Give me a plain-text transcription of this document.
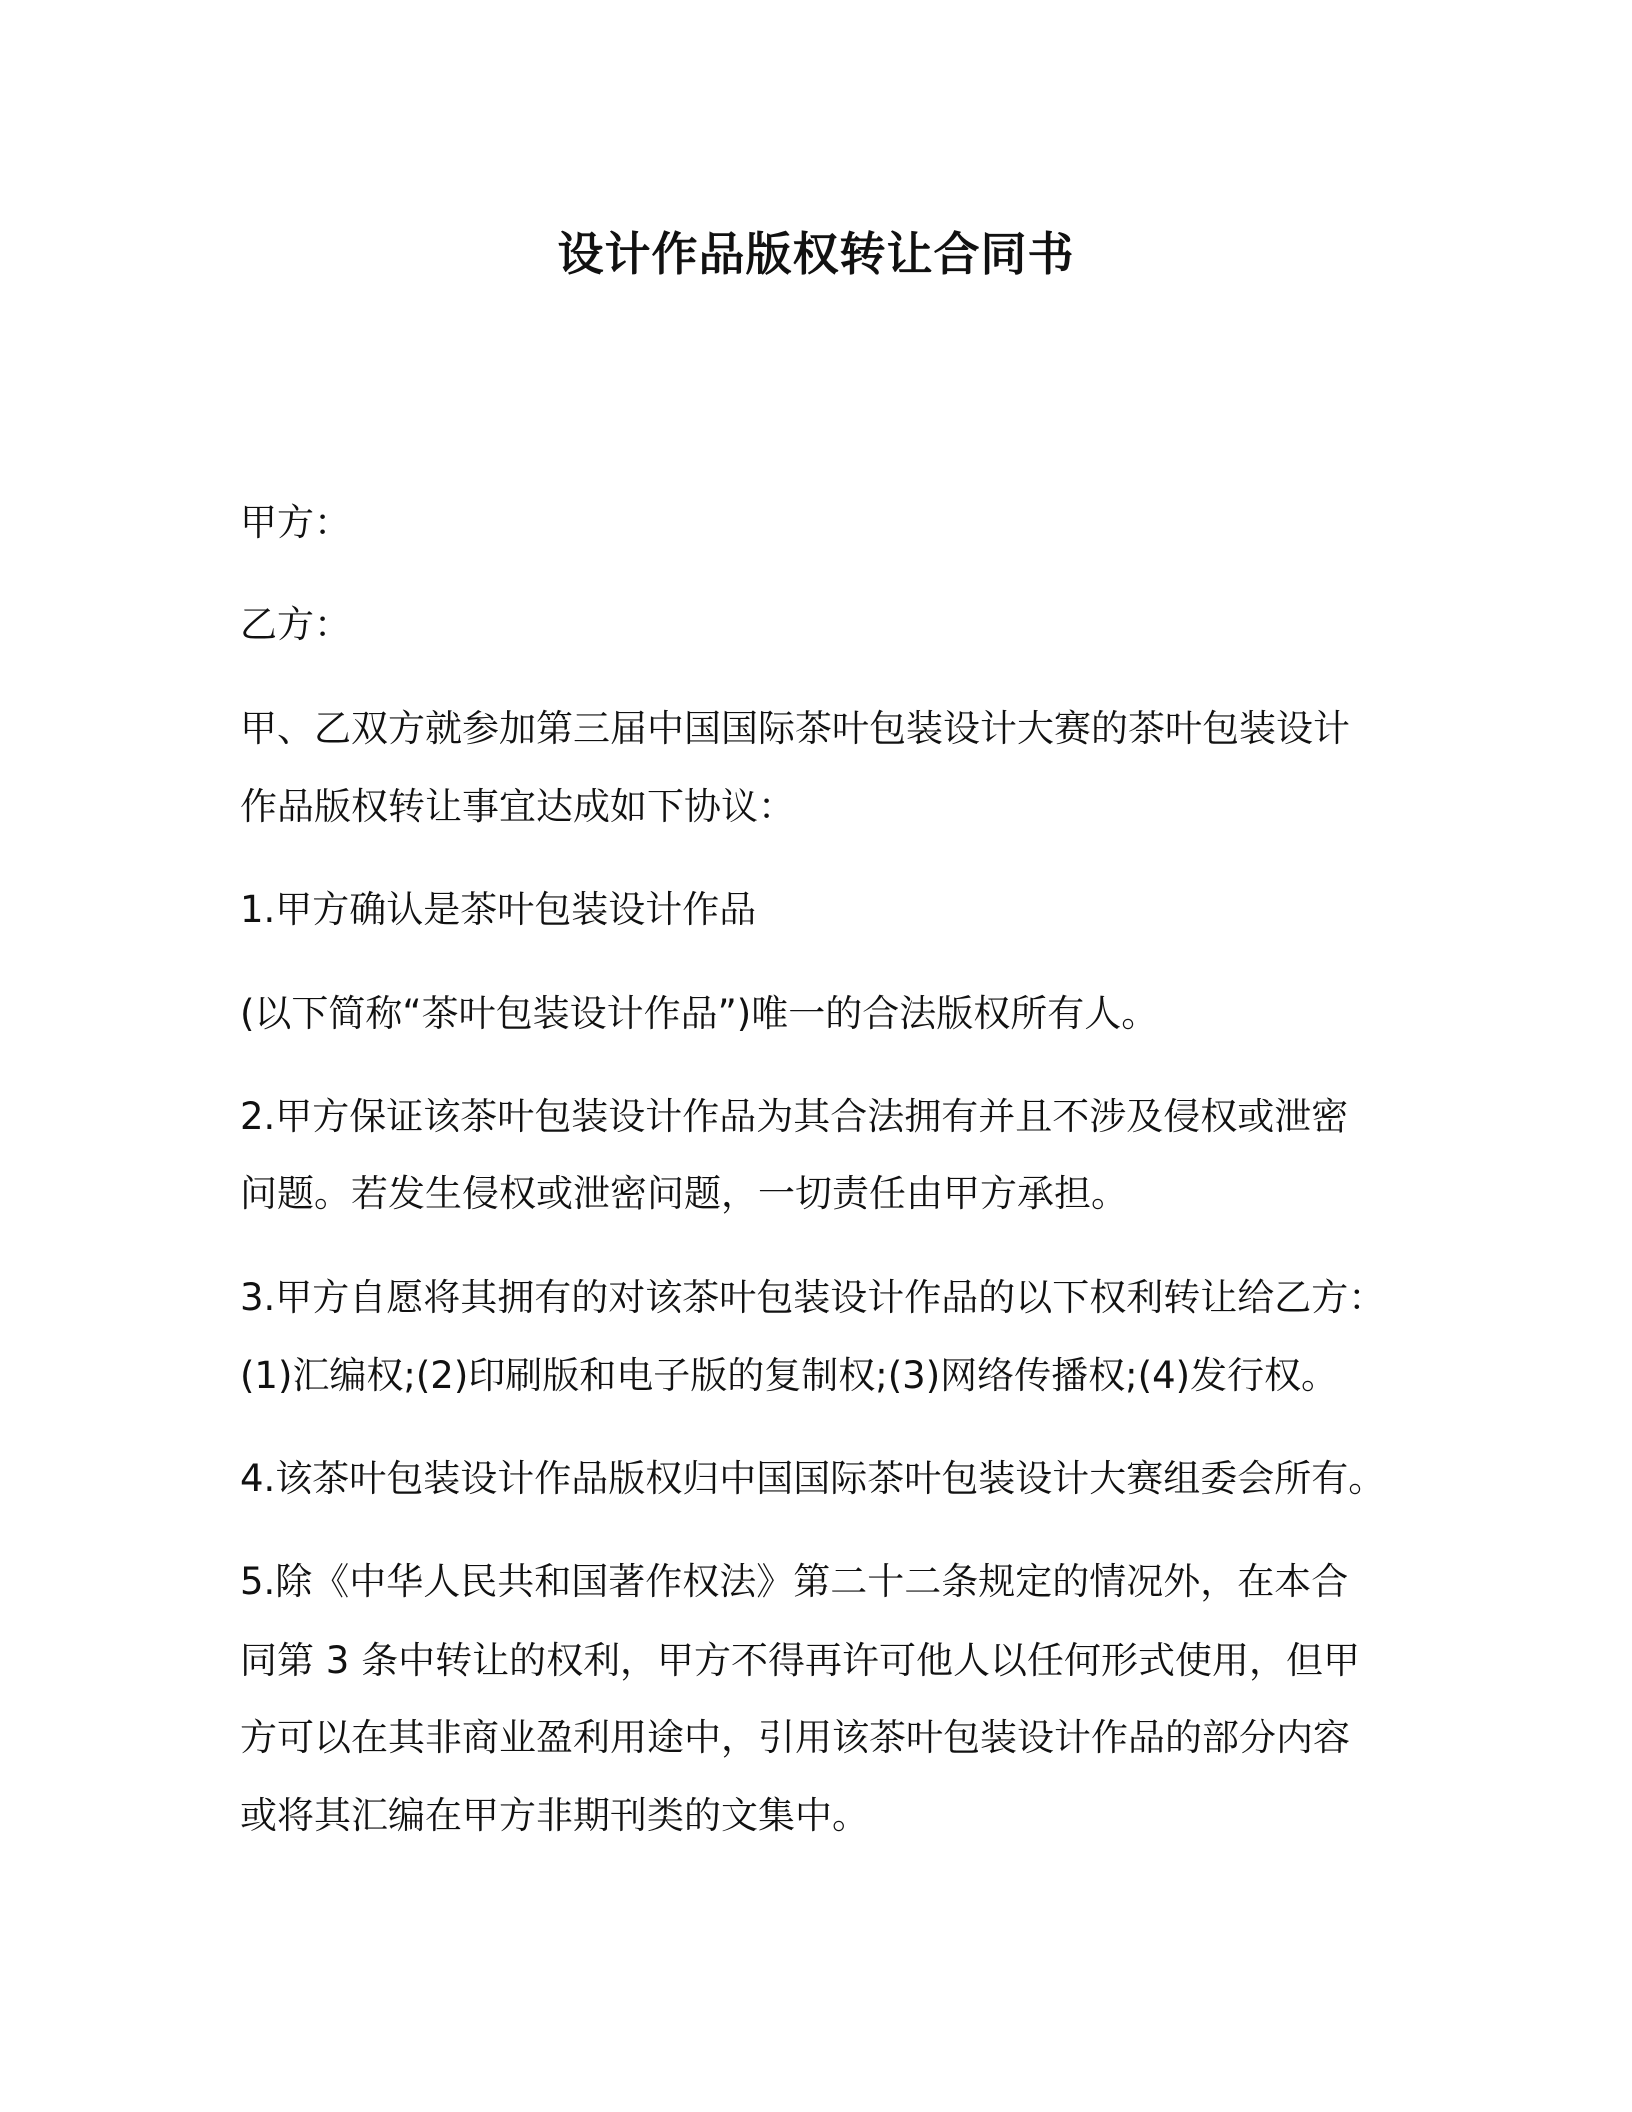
设计作品版权转让合同书
甲方：
乙方：
甲、乙双方就参加第三届中国国际茶叶包装设计大赛的茶叶包装设计
作品版权转让事宜达成如下协议：
1.甲方确认是茶叶包装设计作品
(以下简称“茶叶包装设计作品”)唯一的合法版权所有人。
2.甲方保证该茶叶包装设计作品为其合法拥有并且不涉及侵权或泄密
问题。若发生侵权或泄密问题，一切责任由甲方承担。
3.甲方自愿将其拥有的对该茶叶包装设计作品的以下权利转让给乙方：
(1)汇编权;(2)印刷版和电子版的复制权;(3)网络传播权;(4)发行权。
4.该茶叶包装设计作品版权归中国国际茶叶包装设计大赛组委会所有。
5.除《中华人民共和国著作权法》第二十二条规定的情况外，在本合
同第 3 条中转让的权利，甲方不得再许可他人以任何形式使用，但甲
方可以在其非商业盈利用途中，引用该茶叶包装设计作品的部分内容
或将其汇编在甲方非期刊类的文集中。
